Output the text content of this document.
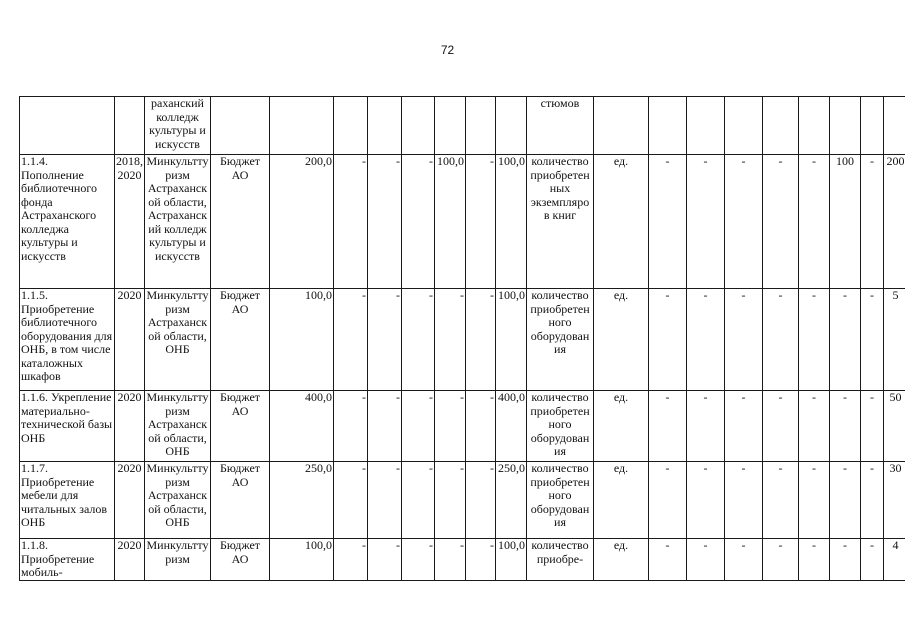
72
		раханский колледж культуры и искусств									стюмов									
1.1.4. Пополнение библиотечного фонда Астраханского колледжа культуры и искусств	2018, 2020	Минкульттуризм Астраханской области, Астраханский колледж культуры и искусств	Бюджет АО	200,0	-	-	-	100,0	-	100,0	количество приобретенных экземпляров книг	ед.	-	-	-	-	-	100	-	200
1.1.5. Приобретение библиотечного оборудования для ОНБ, в том числе каталожных шкафов	2020	Минкульттуризм Астраханской области, ОНБ	Бюджет АО	100,0	-	-	-	-	-	100,0	количество приобретенного оборудования	ед.	-	-	-	-	-	-	-	5
1.1.6. Укрепление материально-технической базы ОНБ	2020	Минкульттуризм Астраханской области, ОНБ	Бюджет АО	400,0	-	-	-	-	-	400,0	количество приобретенного оборудования	ед.	-	-	-	-	-	-	-	50
1.1.7. Приобретение мебели для читальных залов ОНБ	2020	Минкульттуризм Астраханской области, ОНБ	Бюджет АО	250,0	-	-	-	-	-	250,0	количество приобретенного оборудования	ед.	-	-	-	-	-	-	-	30
1.1.8. Приобретение мобиль-	2020	Минкульттуризм	Бюджет АО	100,0	-	-	-	-	-	100,0	количество приобре-	ед.	-	-	-	-	-	-	-	4
